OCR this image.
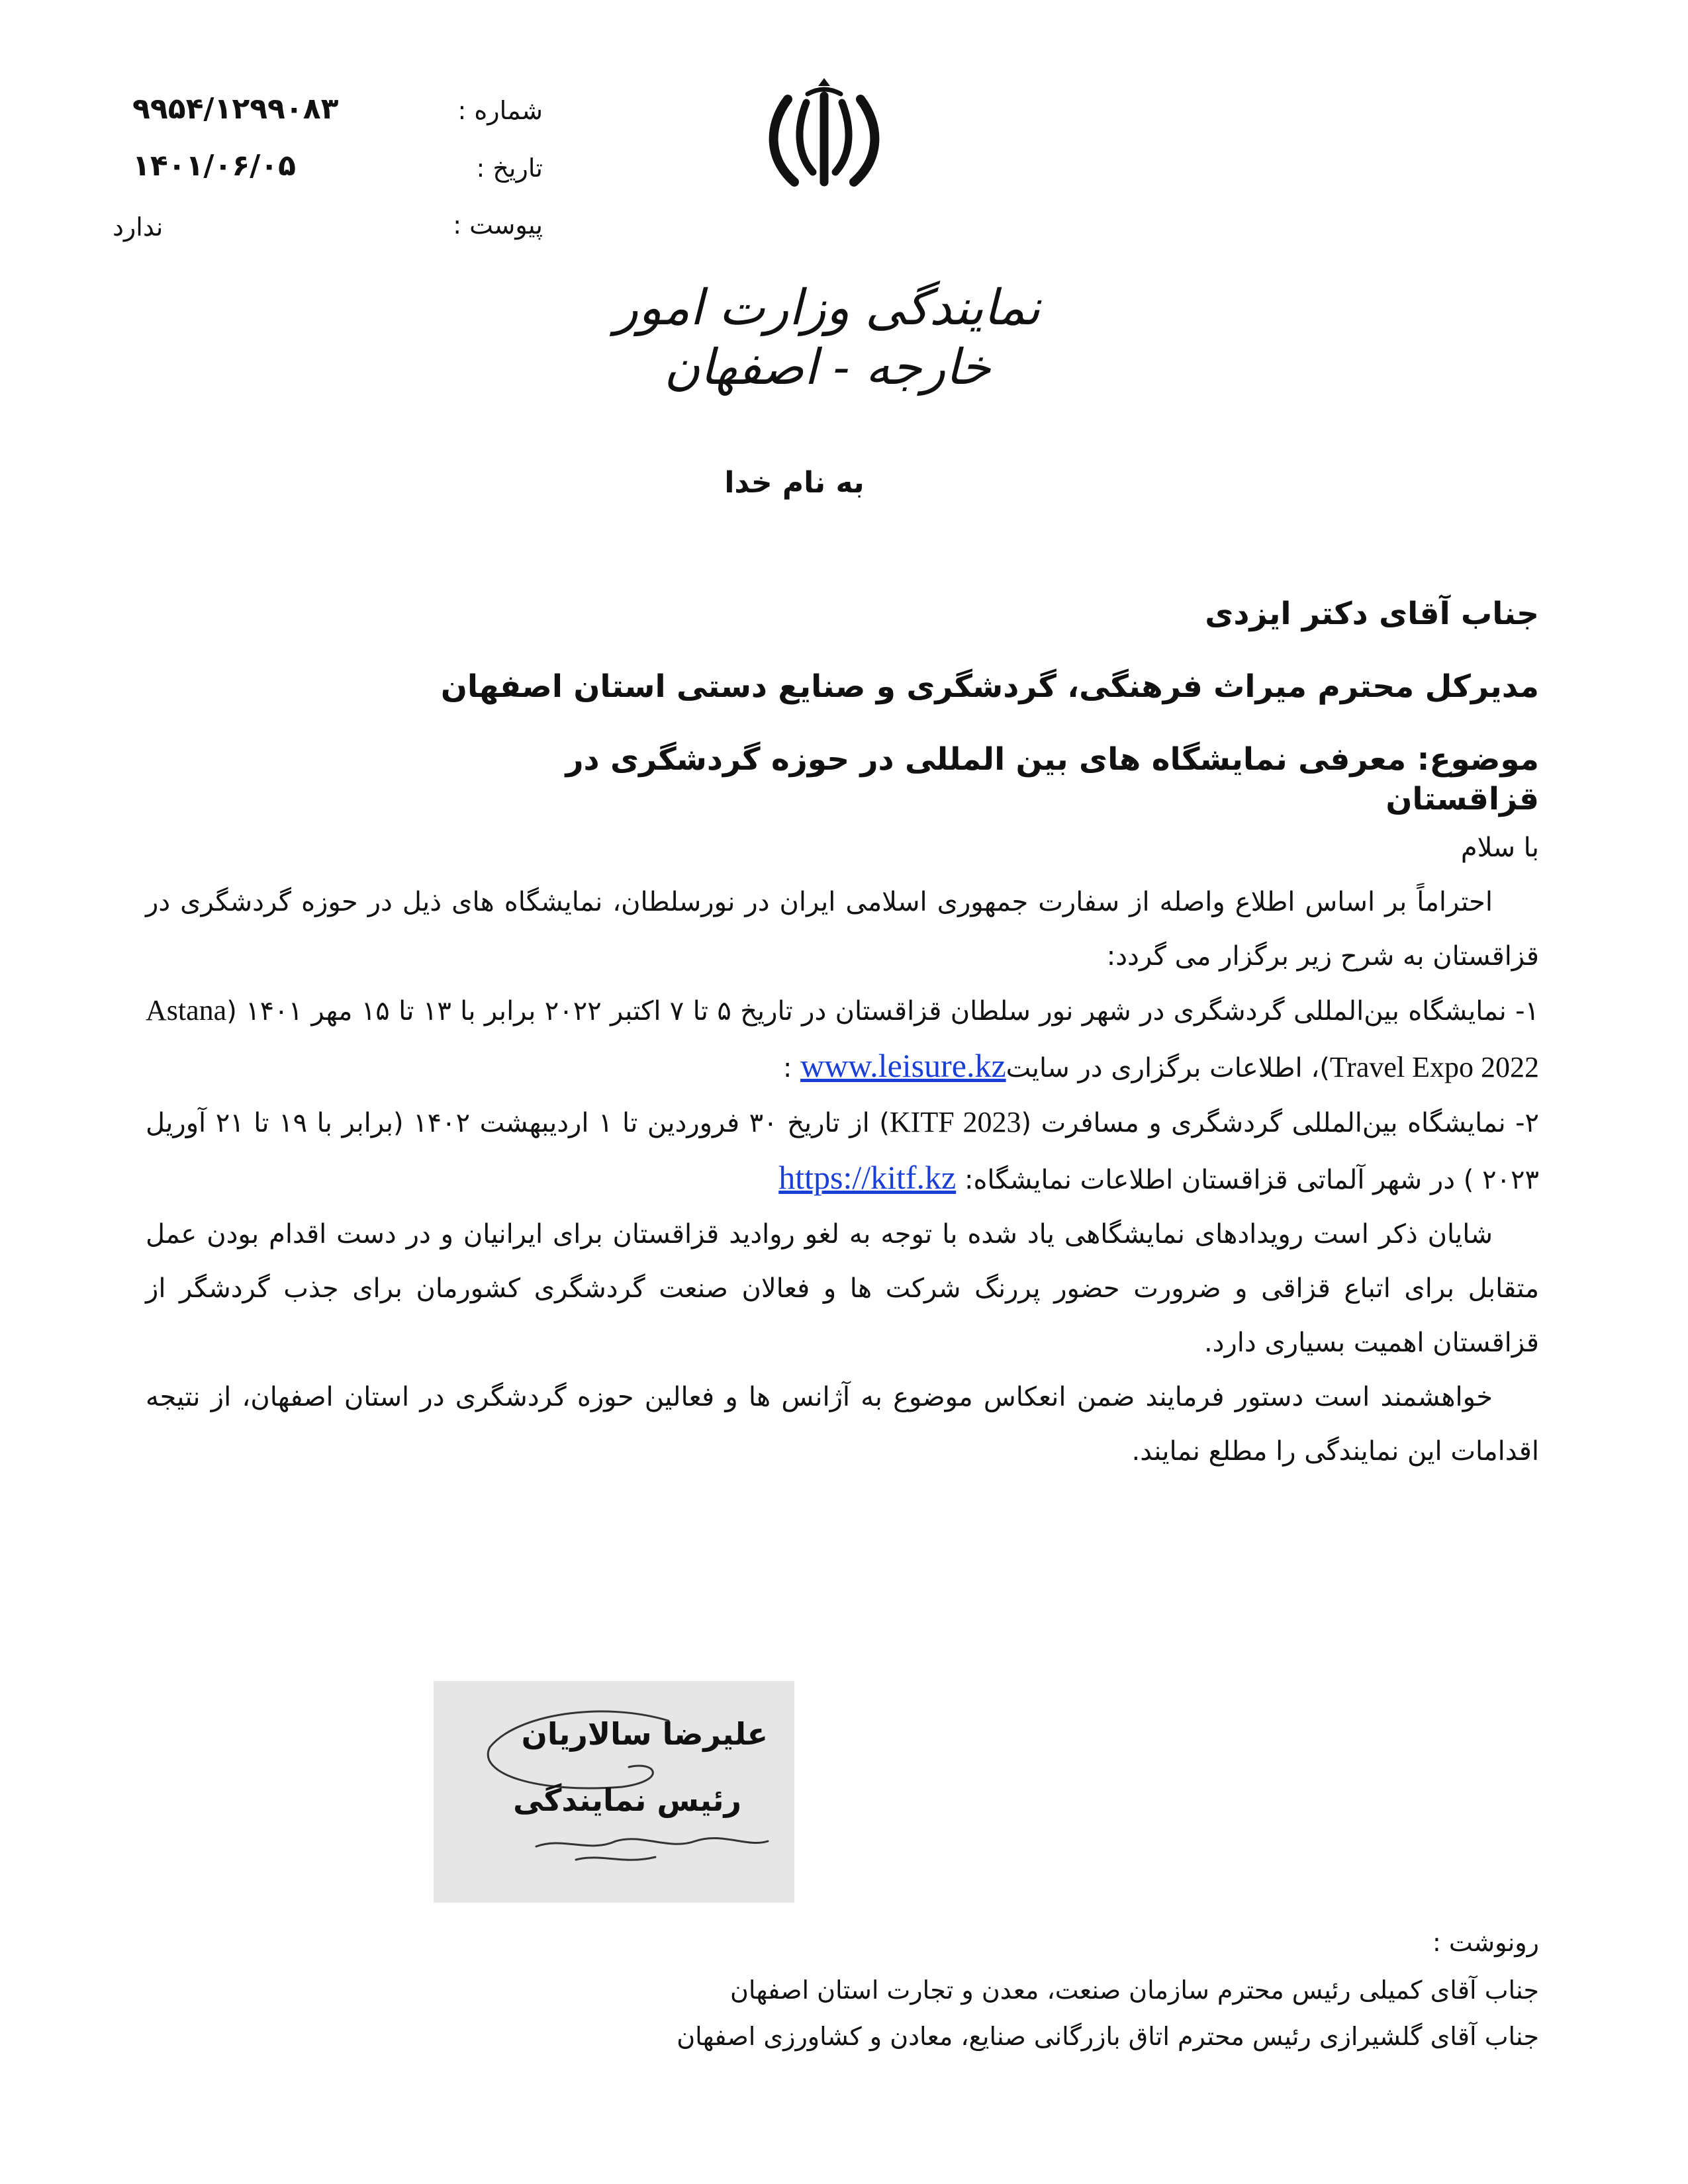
شماره :
۹۹۵۴/۱۲۹۹۰۸۳
تاریخ :
۱۴۰۱/۰۶/۰۵
پیوست :
ندارد
نمایندگی وزارت امور خارجه - اصفهان
به نام خدا
جناب آقای دکتر ایزدی
مدیرکل محترم میراث فرهنگی، گردشگری و صنایع دستی استان اصفهان
موضوع: معرفی نمایشگاه های بین المللی در حوزه گردشگری در قزاقستان

با سلام

احتراماً بر اساس اطلاع واصله از سفارت جمهوری اسلامی ایران در نورسلطان، نمایشگاه های ذیل در حوزه گردشگری در قزاقستان به شرح زیر برگزار می گردد:

۱- نمایشگاه بین‌المللی گردشگری در شهر نور سلطان قزاقستان در تاریخ ۵ تا ۷ اکتبر ۲۰۲۲ برابر با ۱۳ تا ۱۵ مهر ۱۴۰۱ (Astana Travel Expo 2022)، اطلاعات برگزاری در سایتwww.leisure.kz :

۲- نمایشگاه بین‌المللی گردشگری و مسافرت (KITF 2023) از تاریخ ۳۰ فروردین تا ۱ اردیبهشت ۱۴۰۲ (برابر با ۱۹ تا ۲۱ آوریل ۲۰۲۳ ) در شهر آلماتی قزاقستان اطلاعات نمایشگاه: https://kitf.kz

شایان ذکر است رویدادهای نمایشگاهی یاد شده با توجه به لغو روادید قزاقستان برای ایرانیان و در دست اقدام بودن عمل متقابل برای اتباع قزاقی و ضرورت حضور پررنگ شرکت ها و فعالان صنعت گردشگری کشورمان برای جذب گردشگر از قزاقستان اهمیت بسیاری دارد.

خواهشمند است دستور فرمایند ضمن انعکاس موضوع به آژانس ها و فعالین حوزه گردشگری در استان اصفهان، از نتیجه اقدامات این نمایندگی را مطلع نمایند.

علیرضا سالاریان
رئیس نمایندگی
رونوشت :
جناب آقای کمیلی رئیس محترم سازمان صنعت، معدن و تجارت استان اصفهان
جناب آقای گلشیرازی رئیس محترم اتاق بازرگانی صنایع، معادن و کشاورزی اصفهان
